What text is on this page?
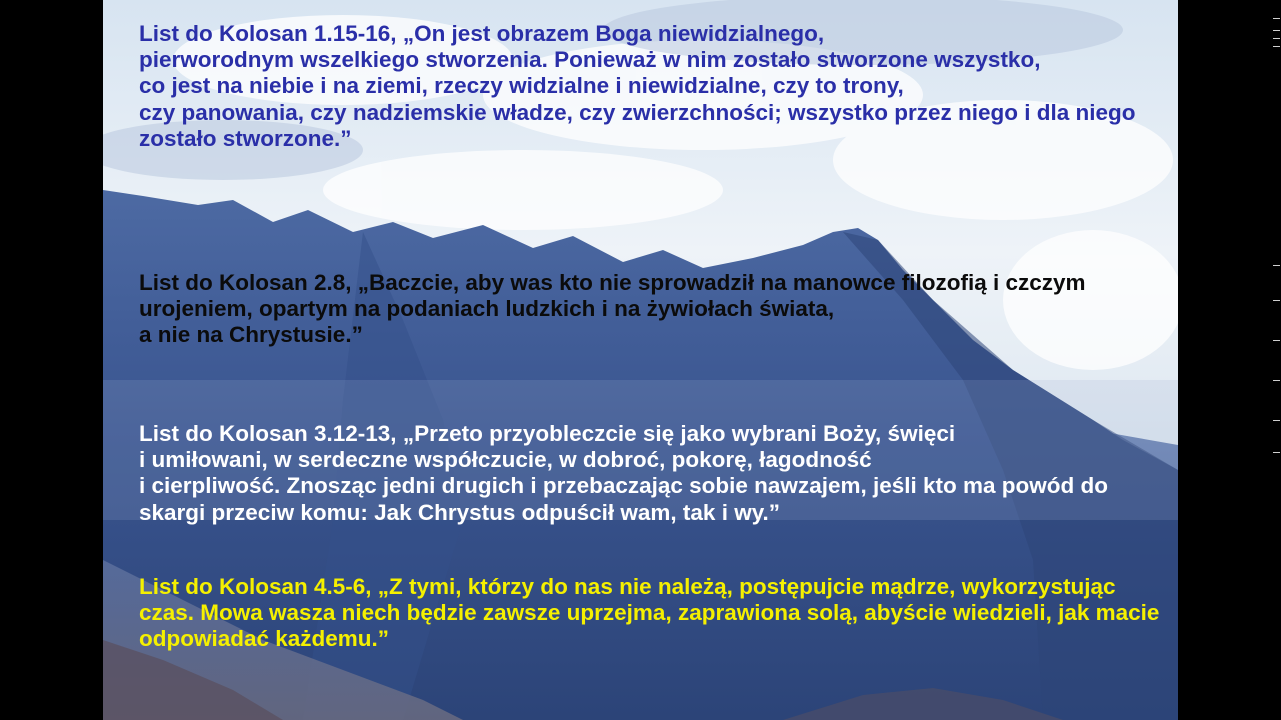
List do Kolosan 1.15-16, „On jest obrazem Boga niewidzialnego,
pierworodnym wszelkiego stworzenia. Ponieważ w nim zostało stworzone wszystko,
co jest na niebie i na ziemi, rzeczy widzialne i niewidzialne, czy to trony,
czy panowania, czy nadziemskie władze, czy zwierzchności; wszystko przez niego i dla niego zostało stworzone.”

List do Kolosan 2.8, „Baczcie, aby was kto nie sprowadził na manowce filozofią i czczym urojeniem, opartym na podaniach ludzkich i na żywiołach świata,
a nie na Chrystusie.”

List do Kolosan 3.12-13, „Przeto przyobleczcie się jako wybrani Boży, święci
i umiłowani, w serdeczne współczucie, w dobroć, pokorę, łagodność
i cierpliwość. Znosząc jedni drugich i przebaczając sobie nawzajem, jeśli kto ma powód do skargi przeciw komu: Jak Chrystus odpuścił wam, tak i wy.”

List do Kolosan 4.5-6, „Z tymi, którzy do nas nie należą, postępujcie mądrze, wykorzystując czas. Mowa wasza niech będzie zawsze uprzejma, zaprawiona solą, abyście wiedzieli, jak macie odpowiadać każdemu.”
